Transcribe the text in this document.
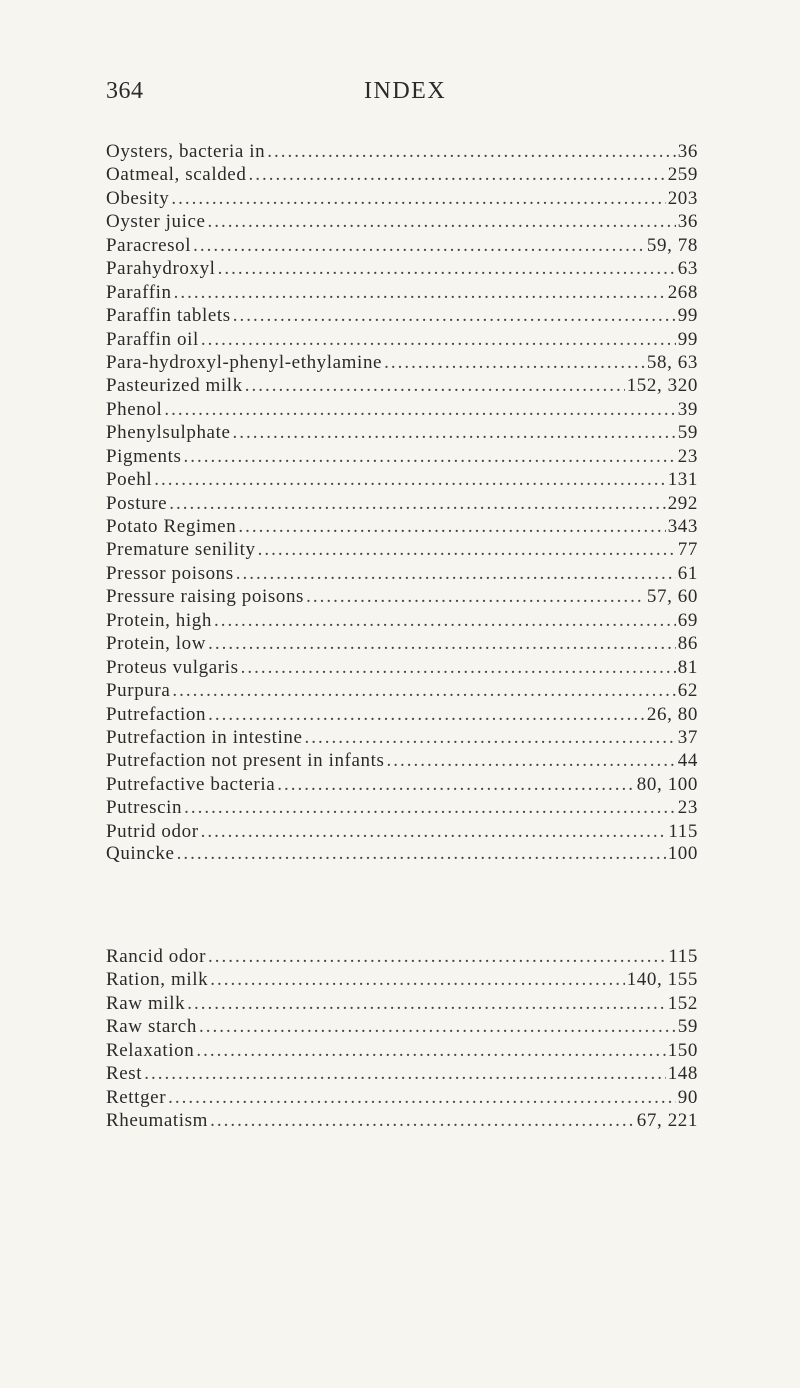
364	INDEX
Oysters, bacteria in .....	36
Oatmeal, scalded .....	259
Obesity .....	203
Oyster juice .....	36
Paracresol .....	59, 78
Parahydroxyl .....	63
Paraffin .....	268
Paraffin tablets .....	99
Paraffin oil .....	99
Para-hydroxyl-phenyl-ethylamine .....	58, 63
Pasteurized milk .....	152, 320
Phenol .....	39
Phenylsulphate .....	59
Pigments .....	23
Poehl .....	131
Posture .....	292
Potato Regimen .....	343
Premature senility .....	77
Pressor poisons .....	61
Pressure raising poisons .....	57, 60
Protein, high .....	69
Protein, low .....	86
Proteus vulgaris .....	81
Purpura .....	62
Putrefaction .....	26, 80
Putrefaction in intestine .....	37
Putrefaction not present in infants .....	44
Putrefactive bacteria .....	80, 100
Putrescin .....	23
Putrid odor .....	115
Quincke .....	100
Rancid odor .....	115
Ration, milk .....	140, 155
Raw milk .....	152
Raw starch .....	59
Relaxation .....	150
Rest .....	148
Rettger .....	90
Rheumatism .....	67, 221
